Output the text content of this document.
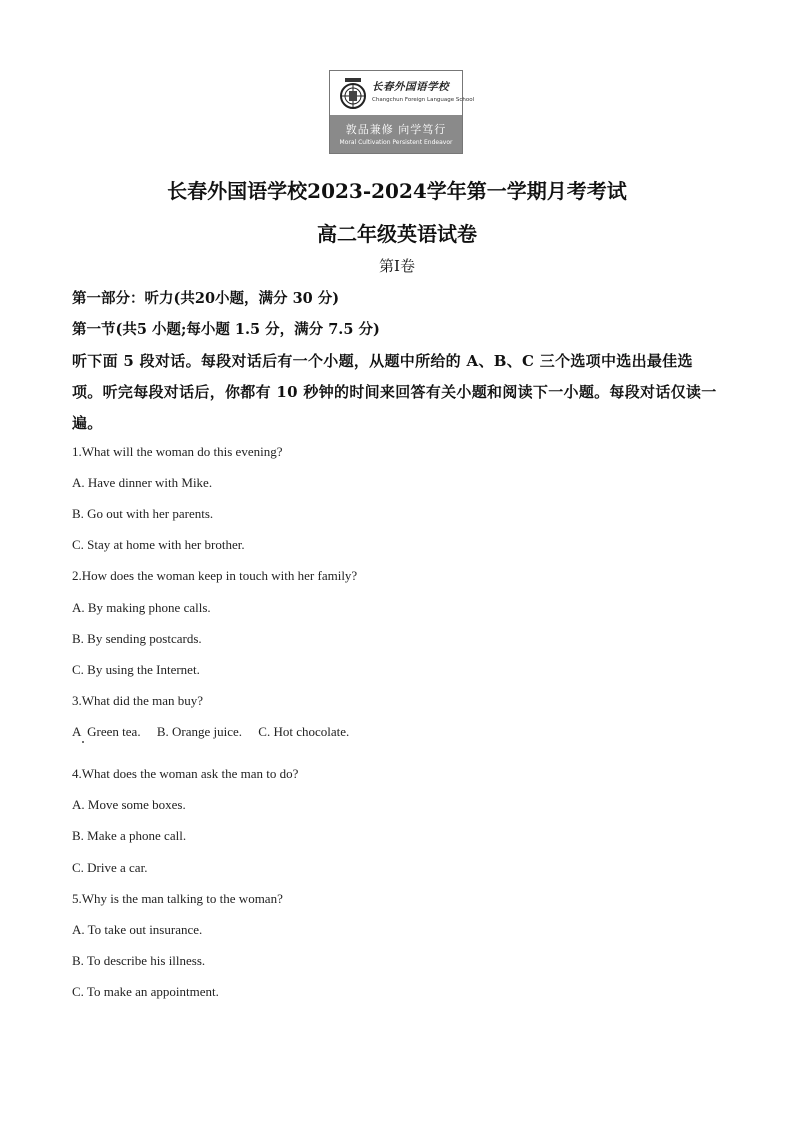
长春外国语学校
Changchun Foreign Language School
敦品兼修 向学笃行
Moral Cultivation Persistent Endeavor
长春外国语学校2023-2024学年第一学期月考考试
高二年级英语试卷
第Ⅰ卷
第一部分：听力(共20小题，满分 30 分)
第一节(共5 小题;每小题 1.5 分，满分 7.5 分)
听下面 5 段对话。每段对话后有一个小题，从题中所给的 A、B、C 三个选项中选出最佳选项。听完每段对话后，你都有 10 秒钟的时间来回答有关小题和阅读下一小题。每段对话仅读一遍。
1.What will the woman do this evening?
A. Have dinner with Mike.
B. Go out with her parents.
C. Stay at home with her brother.
2.How does the woman keep in touch with her family?
A. By making phone calls.
B. By sending postcards.
C. By using the Internet.
3.What did the man buy?
A  Green tea.     B. Orange juice.     C. Hot chocolate.
4.What does the woman ask the man to do?
A. Move some boxes.
B. Make a phone call.
C. Drive a car.
5.Why is the man talking to the woman?
A. To take out insurance.
B. To describe his illness.
C. To make an appointment.
